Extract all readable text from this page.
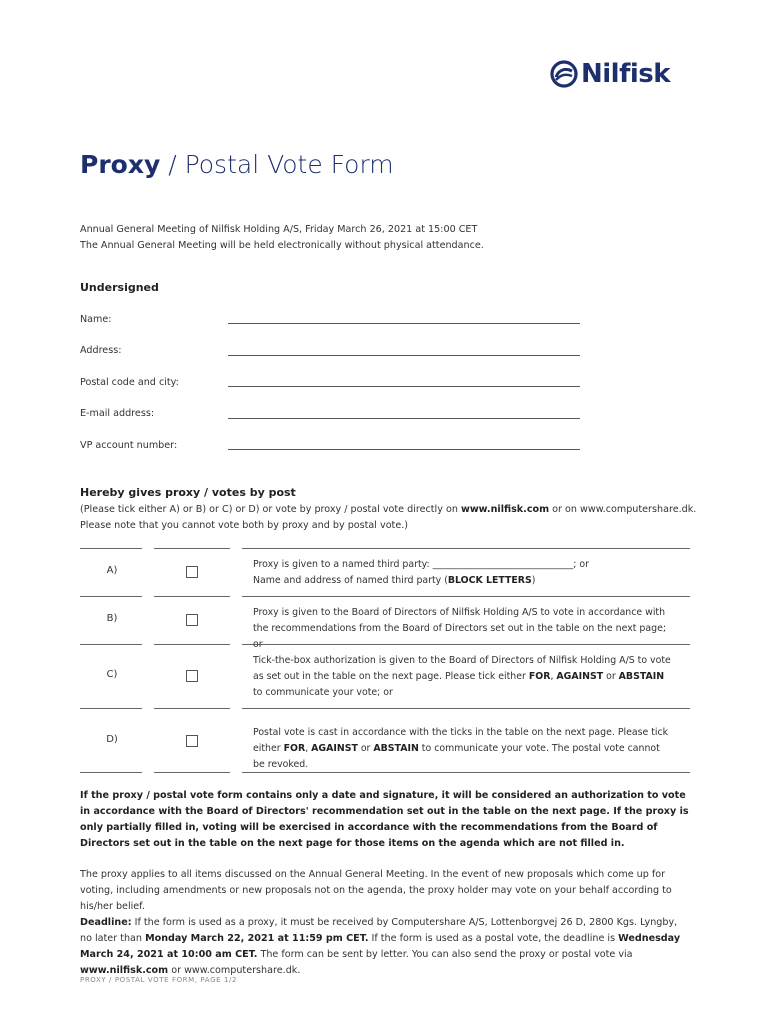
Nilfisk
Proxy / Postal Vote Form
Annual General Meeting of Nilfisk Holding A/S, Friday March 26, 2021 at 15:00 CET
The Annual General Meeting will be held electronically without physical attendance.
Undersigned
Name:
Address:
Postal code and city:
E-mail address:
VP account number:
Hereby gives proxy / votes by post
(Please tick either A) or B) or C) or D) or vote by proxy / postal vote directly on www.nilfisk.com or on www.computershare.dk. Please note that you cannot vote both by proxy and by postal vote.)
A)
Proxy is given to a named third party: ______________________________; or
Name and address of named third party (BLOCK LETTERS)
B)
Proxy is given to the Board of Directors of Nilfisk Holding A/S to vote in accordance with the recommendations from the Board of Directors set out in the table on the next page; or
C)
Tick-the-box authorization is given to the Board of Directors of Nilfisk Holding A/S to vote as set out in the table on the next page. Please tick either FOR, AGAINST or ABSTAIN to communicate your vote; or
D)
Postal vote is cast in accordance with the ticks in the table on the next page. Please tick either FOR, AGAINST or ABSTAIN to communicate your vote. The postal vote cannot be revoked.
If the proxy / postal vote form contains only a date and signature, it will be considered an authorization to vote in accordance with the Board of Directors' recommendation set out in the table on the next page. If the proxy is only partially filled in, voting will be exercised in accordance with the recommendations from the Board of Directors set out in the table on the next page for those items on the agenda which are not filled in.
The proxy applies to all items discussed on the Annual General Meeting. In the event of new proposals which come up for voting, including amendments or new proposals not on the agenda, the proxy holder may vote on your behalf according to his/her belief.
Deadline: If the form is used as a proxy, it must be received by Computershare A/S, Lottenborgvej 26 D, 2800 Kgs. Lyngby, no later than Monday March 22, 2021 at 11:59 pm CET. If the form is used as a postal vote, the deadline is Wednesday March 24, 2021 at 10:00 am CET. The form can be sent by letter. You can also send the proxy or postal vote via www.nilfisk.com or www.computershare.dk.
PROXY / POSTAL VOTE FORM, PAGE 1/2
